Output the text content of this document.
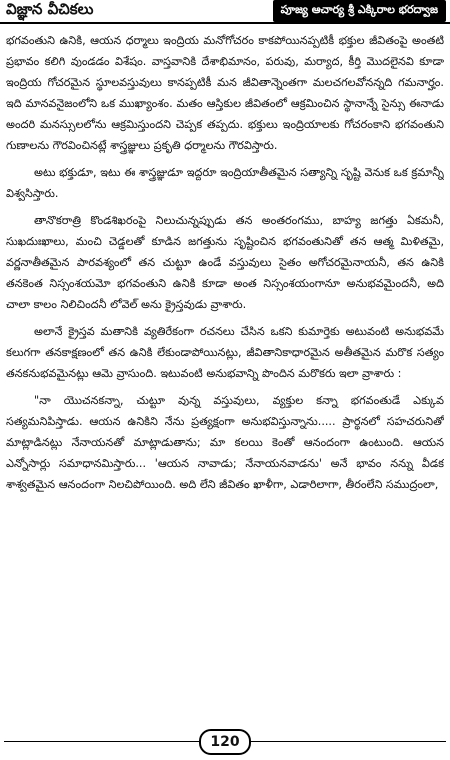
విజ్ఞాన వీచికలు	పూజ్య ఆచార్య శ్రీ ఎక్కిరాల భరద్వాజ

భగవంతుని ఉనికి, ఆయన ధర్మాలు ఇంద్రియ మనోగోచరం కాకపోయినప్పటికీ భక్తుల జీవితంపై అంతటి ప్రభావం కలిగి వుండడం విశేషం. వాస్తవానికి దేశాభిమానం, పరువు, మర్యాద, కీర్తి మొదలైనవి కూడా ఇంద్రియ గోచరమైన స్థూలవస్తువులు కానప్పటికీ మన జీవితాన్నెంతగా మలచగలవోనన్నది గమనార్హం. ఇది మానవనైజంలోని ఒక ముఖ్యాంశం. మతం ఆస్తికుల జీవితంలో ఆక్రమించిన స్థానాన్నే సైన్సు ఈనాడు అందరి మనస్సులలోను ఆక్రమిస్తుందని చెప్పక తప్పదు. భక్తులు ఇంద్రియాలకు గోచరంకాని భగవంతుని గుణాలను గౌరవించినట్లే శాస్త్రజ్ఞులు ప్రకృతి ధర్మాలను గౌరవిస్తారు.

అటు భక్తుడూ, ఇటు ఈ శాస్త్రజ్ఞుడూ ఇద్దరూ ఇంద్రియాతీతమైన సత్యాన్ని సృష్టి వెనుక ఒక క్రమాన్నీ విశ్వసిస్తారు.

తానొకరాత్రి కొండశిఖరంపై నిలుచున్నప్పుడు తన అంతరంగము, బాహ్య జగత్తు ఏకమనీ, సుఖదుఃఖాలు, మంచి చెడ్డలతో కూడిన జగత్తును సృష్టించిన భగవంతునితో తన ఆత్మ మిళితమై, వర్ణనాతీతమైన పారవశ్యంలో తన చుట్టూ ఉండే వస్తువులు సైతం అగోచరమైనాయనీ, తన ఉనికి తనకెంత నిస్సంశయమో భగవంతుని ఉనికి కూడా అంత నిస్సంశయంగానూ అనుభవమైందనీ, అది చాలా కాలం నిలిచిందనీ లోవెల్ అను క్రైస్తవుడు వ్రాశారు.

అలానే క్రైస్తవ మతానికి వ్యతిరేకంగా రచనలు చేసిన ఒకని కుమార్తెకు అటువంటి అనుభవమే కలుగగా తనకాక్షణంలో తన ఉనికి లేకుండాపోయినట్లు, జీవితానికాధారమైన అతీతమైన మరొక సత్యం తనకనుభవమైనట్లు ఆమె వ్రాసుంది. ఇటువంటి అనుభవాన్ని పొందిన మరొకరు ఇలా వ్రాశారు :

"నా యొచనకన్నా, చుట్టూ వున్న వస్తువులు, వ్యక్తుల కన్నా భగవంతుడే ఎక్కువ సత్యమనిపిస్తాడు. ఆయన ఉనికిని నేను ప్రత్యక్షంగా అనుభవిస్తున్నాను..... ప్రార్థనలో సహచరునితో మాట్లాడినట్లు నేనాయనతో మాట్లాడుతాను; మా కలయి కెంతో ఆనందంగా ఉంటుంది. ఆయన ఎన్నోసార్లు సమాధానమిస్తారు... 'ఆయన నావాడు; నేనాయనవాడను' అనే భావం నన్ను వీడక శాశ్వతమైన ఆనందంగా నిలచిపోయింది. అది లేని జీవితం ఖాళీగా, ఎడారిలాగా, తీరంలేని సముద్రంలా,

120
